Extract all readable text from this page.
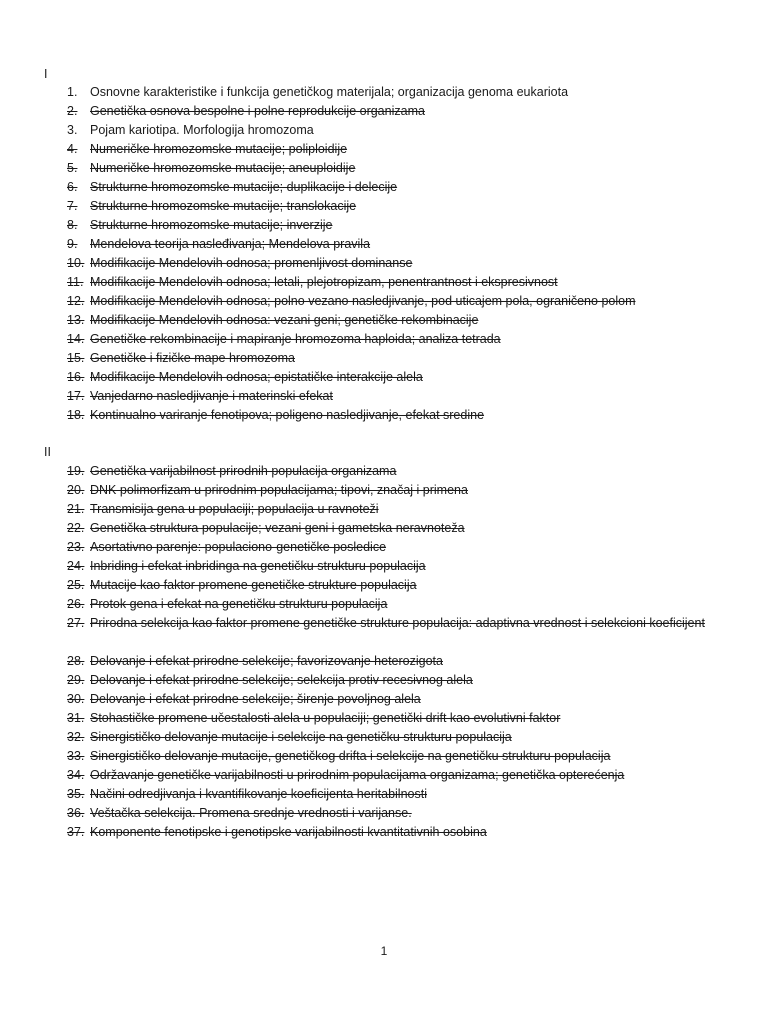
I
1. Osnovne karakteristike i funkcija genetičkog materijala; organizacija genoma eukariota
2. Genetička osnova bespolne i polne reprodukcije organizama
3. Pojam kariotipa. Morfologija hromozoma
4. Numeričke hromozomske mutacije; poliploidije
5. Numeričke hromozomske mutacije; aneuploidije
6. Strukturne hromozomske mutacije; duplikacije i delecije
7. Strukturne hromozomske mutacije; translokacije
8. Strukturne hromozomske mutacije; inverzije
9. Mendelova teorija nasleđivanja; Mendelova pravila
10. Modifikacije Mendelovih odnosa; promenljivost dominanse
11. Modifikacije Mendelovih odnosa; letali, plejotropizam, penentrantnost i ekspresivnost
12. Modifikacije Mendelovih odnosa; polno vezano nasledjivanje, pod uticajem pola, ograničeno polom
13. Modifikacije Mendelovih odnosa: vezani geni; genetičke rekombinacije
14. Genetičke rekombinacije i mapiranje hromozoma haploida; analiza tetrada
15. Genetičke i fizičke mape hromozoma
16. Modifikacije Mendelovih odnosa; epistatičke interakcije alela
17. Vanjedarno nasledjivanje i materinski efekat
18. Kontinualno variranje fenotipova; poligeno nasledjivanje, efekat sredine
II
19. Genetička varijabilnost prirodnih populacija organizama
20. DNK polimorfizam u prirodnim populacijama; tipovi, značaj i primena
21. Transmisija gena u populaciji; populacija u ravnoteži
22. Genetička struktura populacije; vezani geni i gametska neravnoteža
23. Asortativno parenje: populaciono-genetičke posledice
24. Inbriding i efekat inbridinga na genetičku strukturu populacija
25. Mutacije kao faktor promene genetičke strukture populacija
26. Protok gena i efekat na genetičku strukturu populacija
27. Prirodna selekcija kao faktor promene genetičke strukture populacija: adaptivna vrednost i selekcioni koeficijent
28. Delovanje i efekat prirodne selekcije; favorizovanje heterozigota
29. Delovanje i efekat prirodne selekcije; selekcija protiv recesivnog alela
30. Delovanje i efekat prirodne selekcije; širenje povoljnog alela
31. Stohastičke promene učestalosti alela u populaciji; genetički drift kao evolutivni faktor
32. Sinergističko delovanje mutacije i selekcije na genetičku strukturu populacija
33. Sinergističko delovanje mutacije, genetičkog drifta i selekcije na genetičku strukturu populacija
34. Održavanje genetičke varijabilnosti u prirodnim populacijama organizama; genetička opterećenja
35. Načini odredjivanja i kvantifikovanje koeficijenta heritabilnosti
36. Veštačka selekcija. Promena srednje vrednosti i varijanse.
37. Komponente fenotipske i genotipske varijabilnosti kvantitativnih osobina
1
